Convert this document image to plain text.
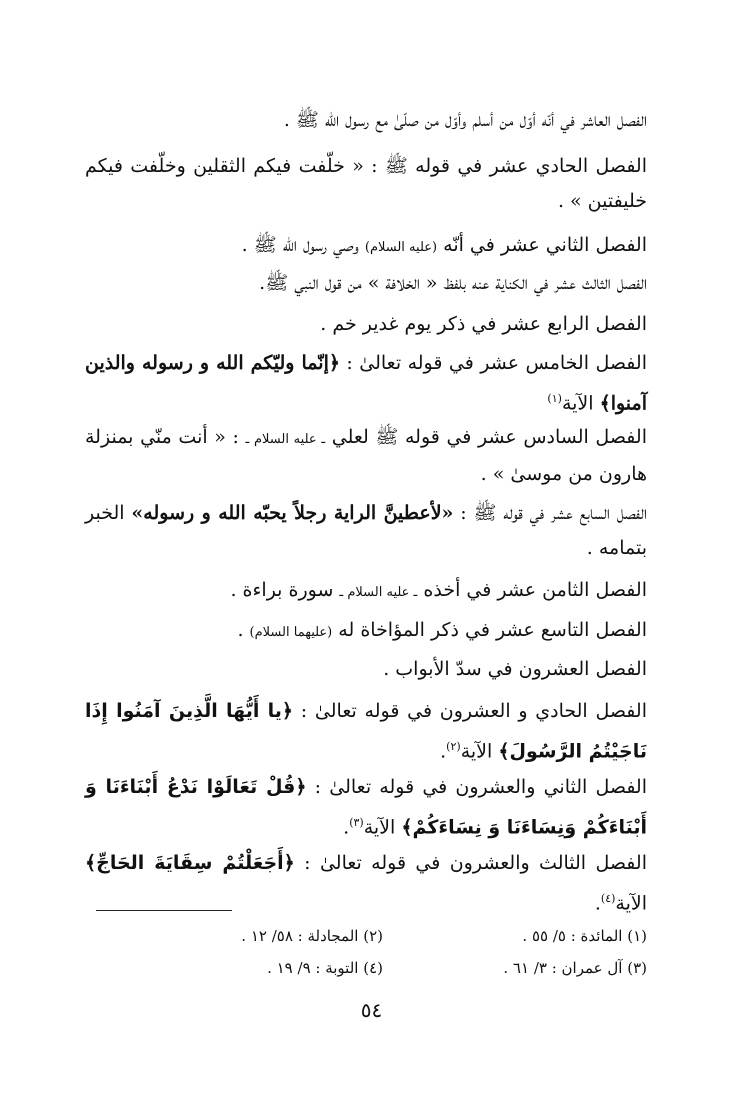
الفصل العاشر في أنّه أوّل من أسلم وأوّل من صلّىٰ مع رسول الله ﷺ .
الفصل الحادي عشر في قوله ﷺ : « خلّفت فيكم الثقلين وخلّفت فيكم خليفتين » .
الفصل الثاني عشر في أنّه (عليه السلام) وصي رسول الله ﷺ .
الفصل الثالث عشر في الكناية عنه بلفظ « الخلافة » من قول النبي ﷺ.
الفصل الرابع عشر في ذكر يوم غدير خم .
الفصل الخامس عشر في قوله تعالىٰ : ﴿إنّما وليّكم الله و رسوله والذين آمنوا﴾ الآية$^{(١)}$
الفصل السادس عشر في قوله ﷺ لعلي ـ عليه السلام ـ : « أنت منّي بمنزلة هارون من موسىٰ » .
الفصل السابع عشر في قوله ﷺ : «لأعطينَّ الراية رجلاً يحبّه الله و رسوله» الخبر بتمامه .
الفصل الثامن عشر في أخذه ـ عليه السلام ـ سورة براءة .
الفصل التاسع عشر في ذكر المؤاخاة له (عليهما السلام) .
الفصل العشرون في سدّ الأبواب .
الفصل الحادي و العشرون في قوله تعالىٰ : ﴿يا أَيُّهَا الَّذِينَ آمَنُوا إِذَا نَاجَيْتُمُ الرَّسُولَ﴾ الآية$^{(٢)}$.
الفصل الثاني والعشرون في قوله تعالىٰ : ﴿قُلْ تَعَالَوْا نَدْعُ أَبْنَاءَنَا وَ أَبْنَاءَكُمْ وَنِسَاءَنَا وَ نِسَاءَكُمْ﴾ الآية$^{(٣)}$.
الفصل الثالث والعشرون في قوله تعالىٰ : ﴿أَجَعَلْتُمْ سِقَايَةَ الحَاجِّ﴾ الآية$^{(٤)}$.
(١) المائدة : ٥/ ٥٥ .
(٢) المجادلة : ٥٨/ ١٢ .
(٣) آل عمران : ٣/ ٦١ .
(٤) التوبة : ٩/ ١٩ .
٥٤
